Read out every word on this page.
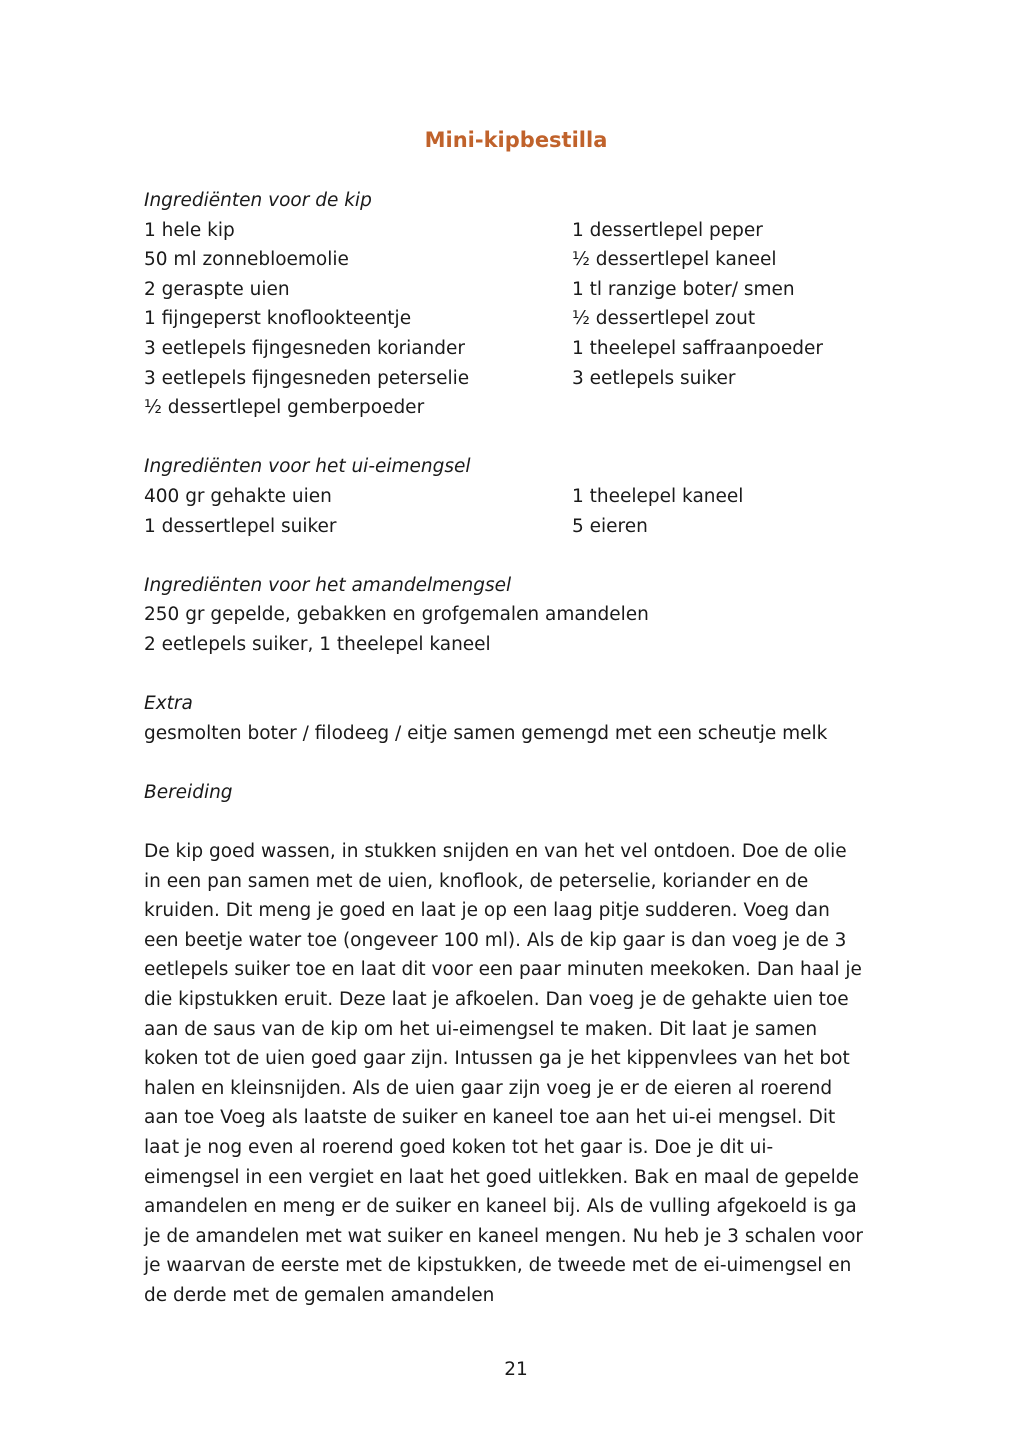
Mini-kipbestilla
Ingrediënten voor de kip
1 hele kip
50 ml zonnebloemolie
2 geraspte uien
1 fijngeperst knoflookteentje
3 eetlepels fijngesneden koriander
3 eetlepels fijngesneden peterselie
½ dessertlepel gemberpoeder
1 dessertlepel peper
½ dessertlepel kaneel
1 tl ranzige boter/ smen
½ dessertlepel zout
1 theelepel saffraanpoeder
3 eetlepels suiker
Ingrediënten voor het ui-eimengsel
400 gr gehakte uien
1 dessertlepel suiker
1 theelepel kaneel
5 eieren
Ingrediënten voor het amandelmengsel
250 gr gepelde, gebakken en grofgemalen amandelen
2 eetlepels suiker, 1 theelepel kaneel
Extra
gesmolten boter / filodeeg / eitje samen gemengd met een scheutje melk
Bereiding
De kip goed wassen, in stukken snijden en van het vel ontdoen. Doe de olie
in een pan samen met de uien, knoflook, de peterselie, koriander en de
kruiden. Dit meng je goed en laat je op een laag pitje sudderen. Voeg dan
een beetje water toe (ongeveer 100 ml). Als de kip gaar is dan voeg je de 3
eetlepels suiker toe en laat dit voor een paar minuten meekoken. Dan haal je
die kipstukken eruit. Deze laat je afkoelen. Dan voeg je de gehakte uien toe
aan de saus van de kip om het ui-eimengsel te maken. Dit laat je samen
koken tot de uien goed gaar zijn. Intussen ga je het kippenvlees van het bot
halen en kleinsnijden. Als de uien gaar zijn voeg je er de eieren al roerend
aan toe Voeg als laatste de suiker en kaneel toe aan het ui-ei mengsel. Dit
laat je nog even al roerend goed koken tot het gaar is. Doe je dit ui-
eimengsel in een vergiet en laat het goed uitlekken. Bak en maal de gepelde
amandelen en meng er de suiker en kaneel bij. Als de vulling afgekoeld is ga
je de amandelen met wat suiker en kaneel mengen. Nu heb je 3 schalen voor
je waarvan de eerste met de kipstukken, de tweede met de ei-uimengsel en
de derde met de gemalen amandelen
21
